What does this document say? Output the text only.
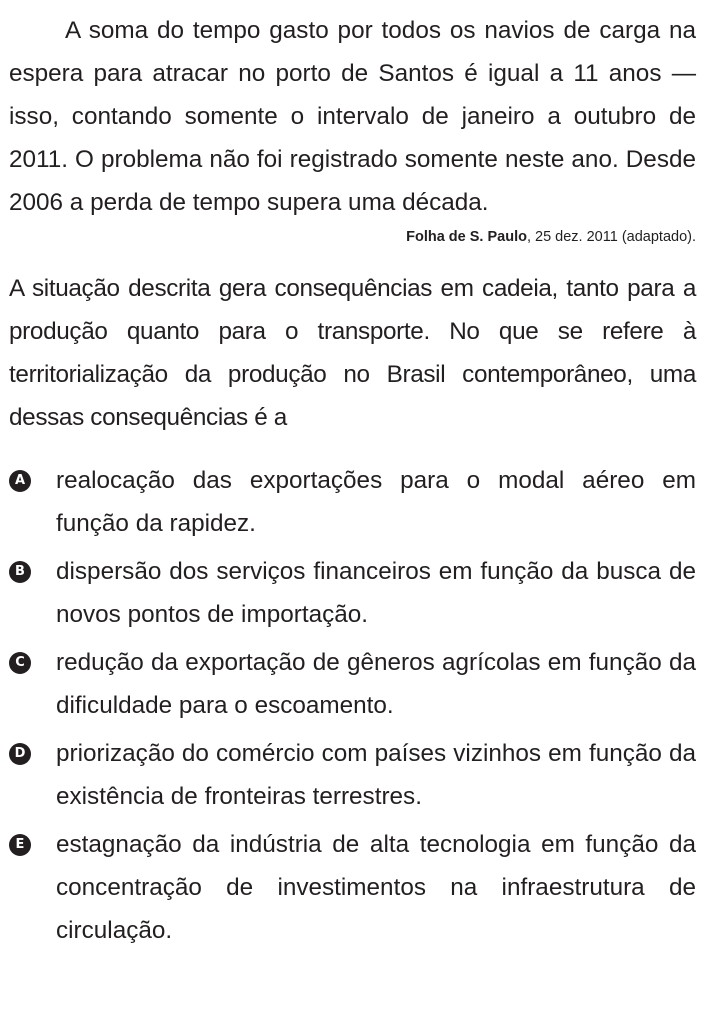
A soma do tempo gasto por todos os navios de carga na espera para atracar no porto de Santos é igual a 11 anos — isso, contando somente o intervalo de janeiro a outubro de 2011. O problema não foi registrado somente neste ano. Desde 2006 a perda de tempo supera uma década.

Folha de S. Paulo, 25 dez. 2011 (adaptado).

A situação descrita gera consequências em cadeia, tanto para a produção quanto para o transporte. No que se refere à territorialização da produção no Brasil contemporâneo, uma dessas consequências é a

A realocação das exportações para o modal aéreo em função da rapidez.
B dispersão dos serviços financeiros em função da busca de novos pontos de importação.
C redução da exportação de gêneros agrícolas em função da dificuldade para o escoamento.
D priorização do comércio com países vizinhos em função da existência de fronteiras terrestres.
E estagnação da indústria de alta tecnologia em função da concentração de investimentos na infraestrutura de circulação.
